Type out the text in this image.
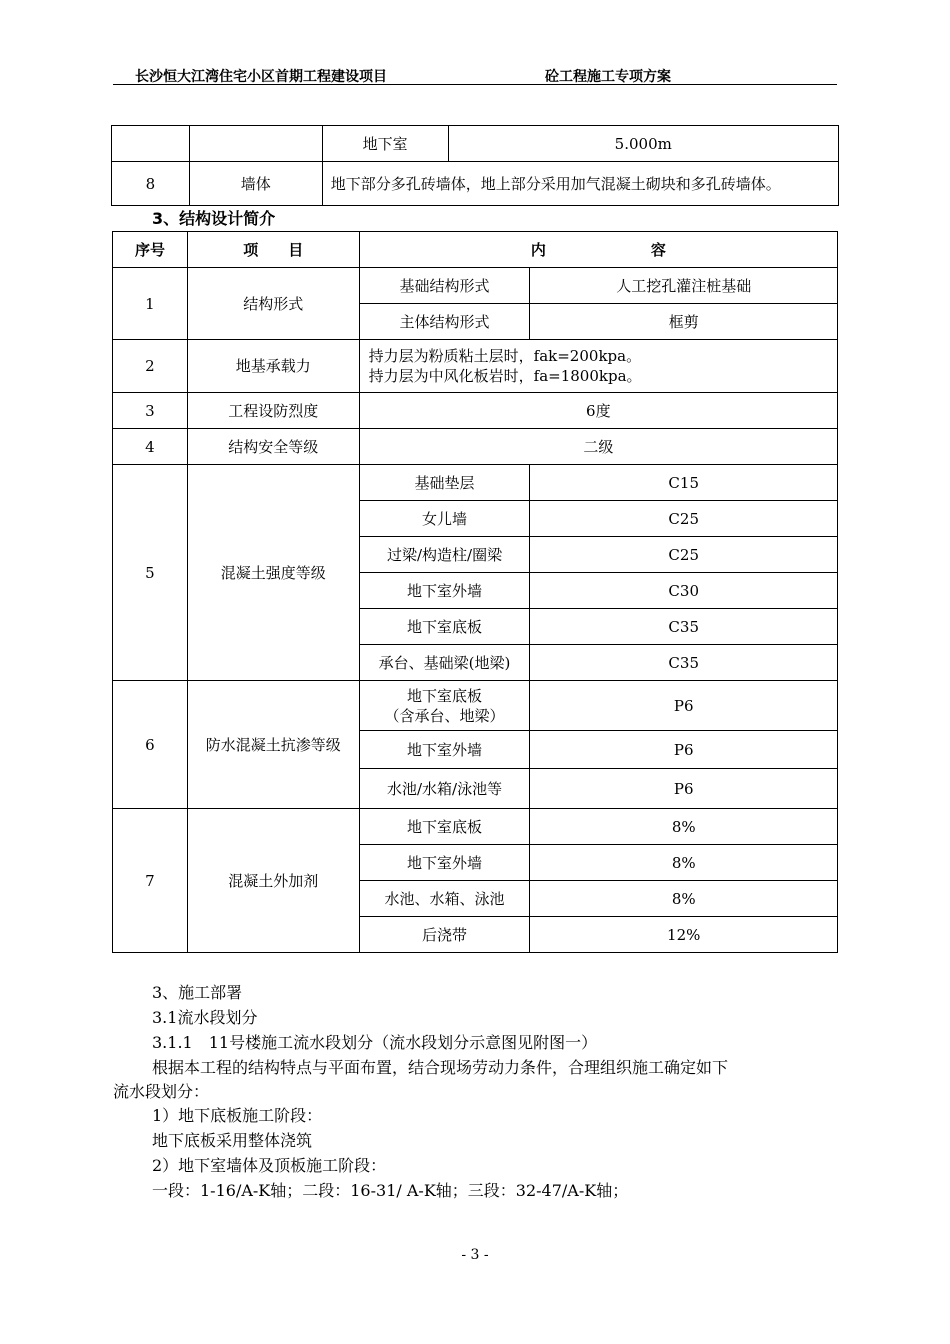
长沙恒大江湾住宅小区首期工程建设项目	砼工程施工专项方案
		地下室	5.000m
8	墙体	地下部分多孔砖墙体，地上部分采用加气混凝土砌块和多孔砖墙体。	
3、结构设计简介
序号	项　　目	内　　　　　　　容	
1	结构形式	基础结构形式	人工挖孔灌注桩基础
		主体结构形式	框剪
2	地基承载力	持力层为粉质粘土层时，fak=200kpa。
持力层为中风化板岩时，fa=1800kpa。	

3	工程设防烈度	6度	
4	结构安全等级	二级	
5	混凝土强度等级	基础垫层	C15
		女儿墙	C25
		过梁/构造柱/圈梁	C25
		地下室外墙	C30
		地下室底板	C35
		承台、基础梁(地梁)	C35
6	防水混凝土抗渗等级	地下室底板
（含承台、地梁）	P6
		地下室外墙	P6
		水池/水箱/泳池等	P6
7	混凝土外加剂	地下室底板	8%
		地下室外墙	8%
		水池、水箱、泳池	8%
		后浇带	12%
3、施工部署
3.1流水段划分
3.1.1　11号楼施工流水段划分（流水段划分示意图见附图一）
根据本工程的结构特点与平面布置，结合现场劳动力条件，合理组织施工确定如下
流水段划分：
1）地下底板施工阶段：
地下底板采用整体浇筑
2）地下室墙体及顶板施工阶段：
一段：1-16/A-K轴；二段：16-31/ A-K轴；三段：32-47/A-K轴；
- 3 -
